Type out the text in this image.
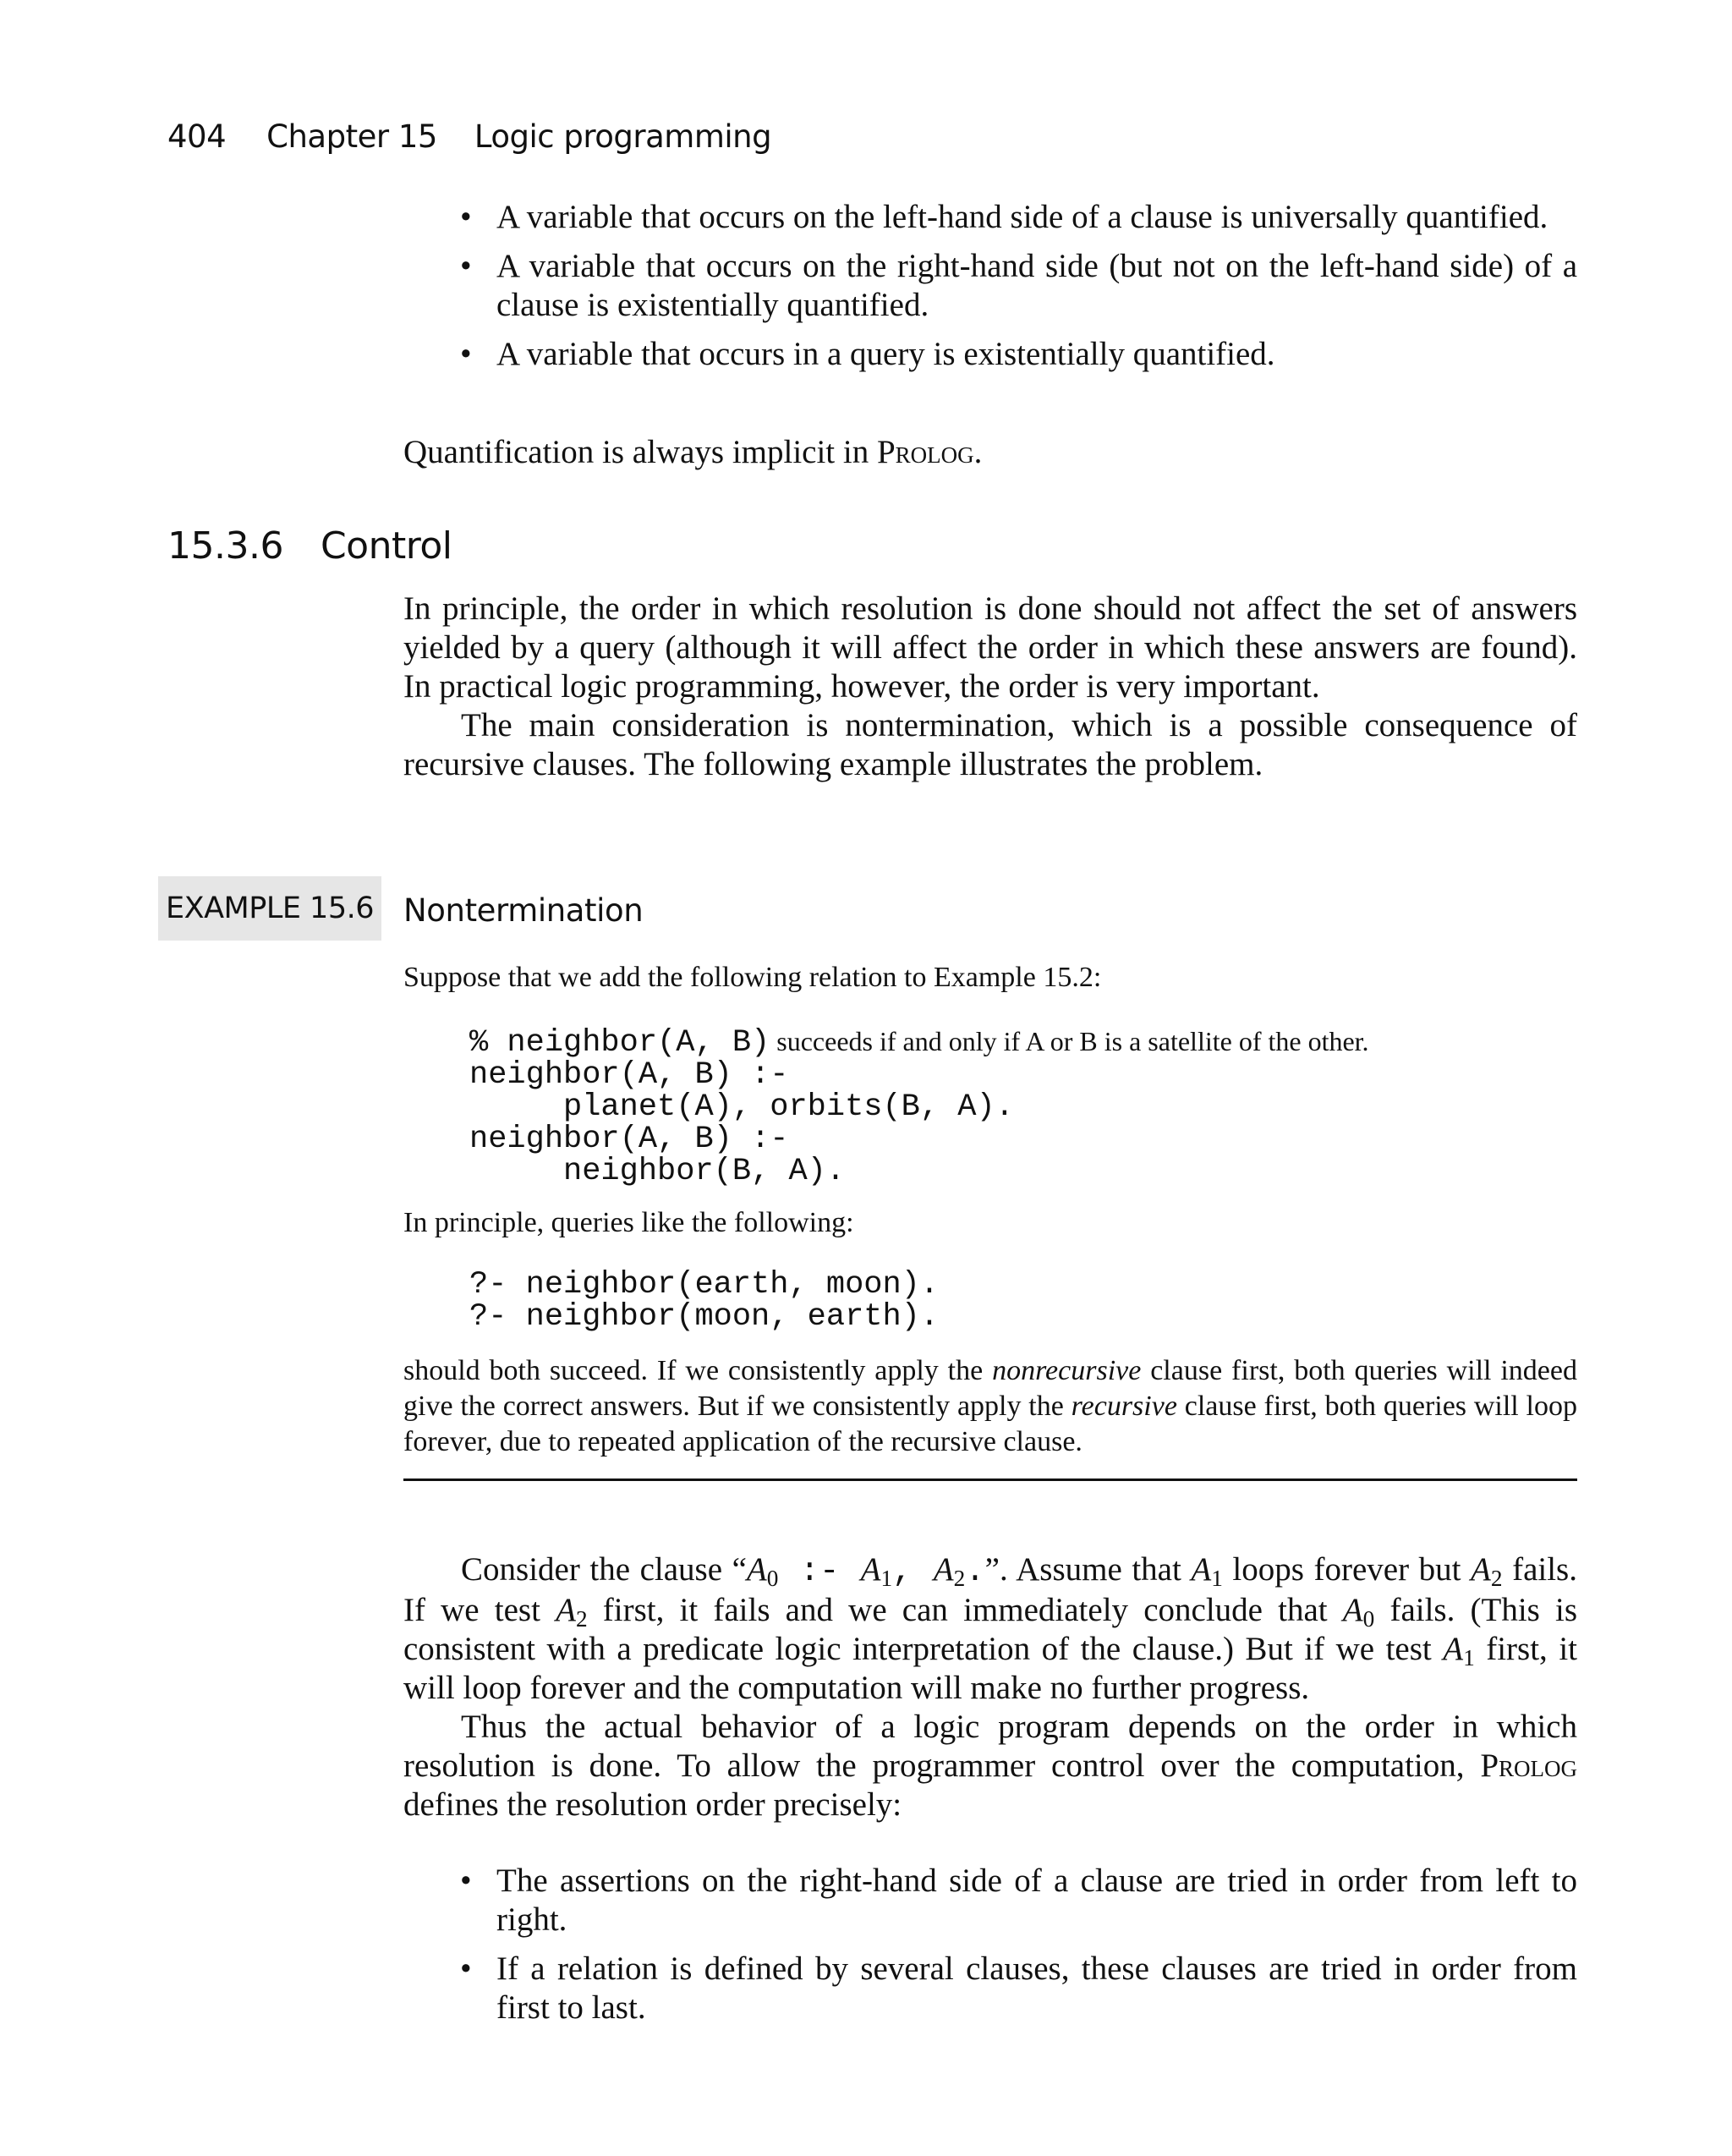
404 Chapter 15 Logic programming
• A variable that occurs on the left-hand side of a clause is universally quantified.
• A variable that occurs on the right-hand side (but not on the left-hand side) of a clause is existentially quantified.
• A variable that occurs in a query is existentially quantified.

Quantification is always implicit in Prolog.

15.3.6 Control

In principle, the order in which resolution is done should not affect the set of answers yielded by a query (although it will affect the order in which these answers are found). In practical logic programming, however, the order is very important.

The main consideration is nontermination, which is a possible consequence of recursive clauses. The following example illustrates the problem.

EXAMPLE 15.6 Nontermination

Suppose that we add the following relation to Example 15.2:

% neighbor(A, B) succeeds if and only if A or B is a satellite of the other.
neighbor(A, B) :-
planet(A), orbits(B, A).
neighbor(A, B) :-
neighbor(B, A).

In principle, queries like the following:

?- neighbor(earth, moon).
?- neighbor(moon, earth).

should both succeed. If we consistently apply the nonrecursive clause first, both queries will indeed give the correct answers. But if we consistently apply the recursive clause first, both queries will loop forever, due to repeated application of the recursive clause.

Consider the clause “$A_0$ :- $A_1$, $A_2$.”. Assume that $A_1$ loops forever but $A_2$ fails. If we test $A_2$ first, it fails and we can immediately conclude that $A_0$ fails. (This is consistent with a predicate logic interpretation of the clause.) But if we test $A_1$ first, it will loop forever and the computation will make no further progress.

Thus the actual behavior of a logic program depends on the order in which resolution is done. To allow the programmer control over the computation, Prolog defines the resolution order precisely:

• The assertions on the right-hand side of a clause are tried in order from left to right.
• If a relation is defined by several clauses, these clauses are tried in order from first to last.
